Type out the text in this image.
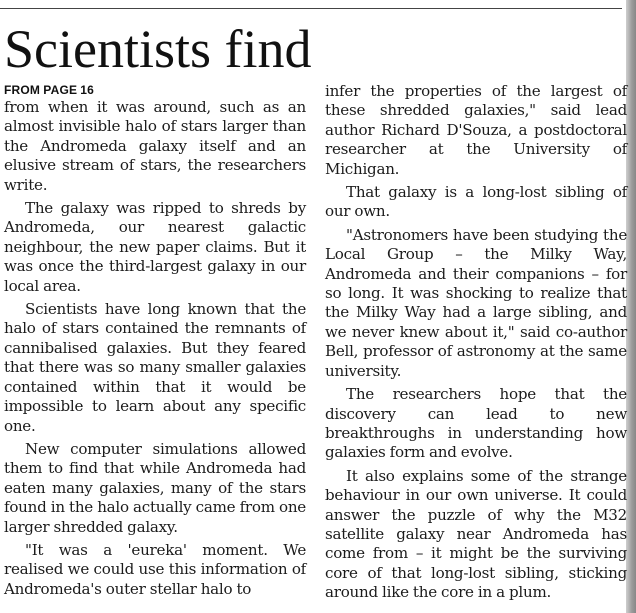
Scientists find
FROM PAGE 16

from when it was around, such as an almost invisible halo of stars larger than the Andromeda galaxy itself and an elusive stream of stars, the researchers write.

The galaxy was ripped to shreds by Andromeda, our nearest galactic neighbour, the new paper claims. But it was once the third-largest galaxy in our local area.

Scientists have long known that the halo of stars contained the remnants of cannibalised galaxies. But they feared that there was so many smaller galaxies contained within that it would be impossible to learn about any specific one.

New computer simulations allowed them to find that while Andromeda had eaten many galaxies, many of the stars found in the halo actually came from one larger shredded galaxy.

"It was a 'eureka' moment. We realised we could use this information of Andromeda's outer stellar halo to

infer the properties of the largest of these shredded galaxies," said lead author Richard D'Souza, a postdoctoral researcher at the University of Michigan.

That galaxy is a long-lost sibling of our own.

"Astronomers have been studying the Local Group – the Milky Way, Andromeda and their companions – for so long. It was shocking to realize that the Milky Way had a large sibling, and we never knew about it," said co-author Bell, professor of astronomy at the same university.

The researchers hope that the discovery can lead to new breakthroughs in understanding how galaxies form and evolve.

It also explains some of the strange behaviour in our own universe. It could answer the puzzle of why the M32 satellite galaxy near Andromeda has come from – it might be the surviving core of that long-lost sibling, sticking around like the core in a plum.
